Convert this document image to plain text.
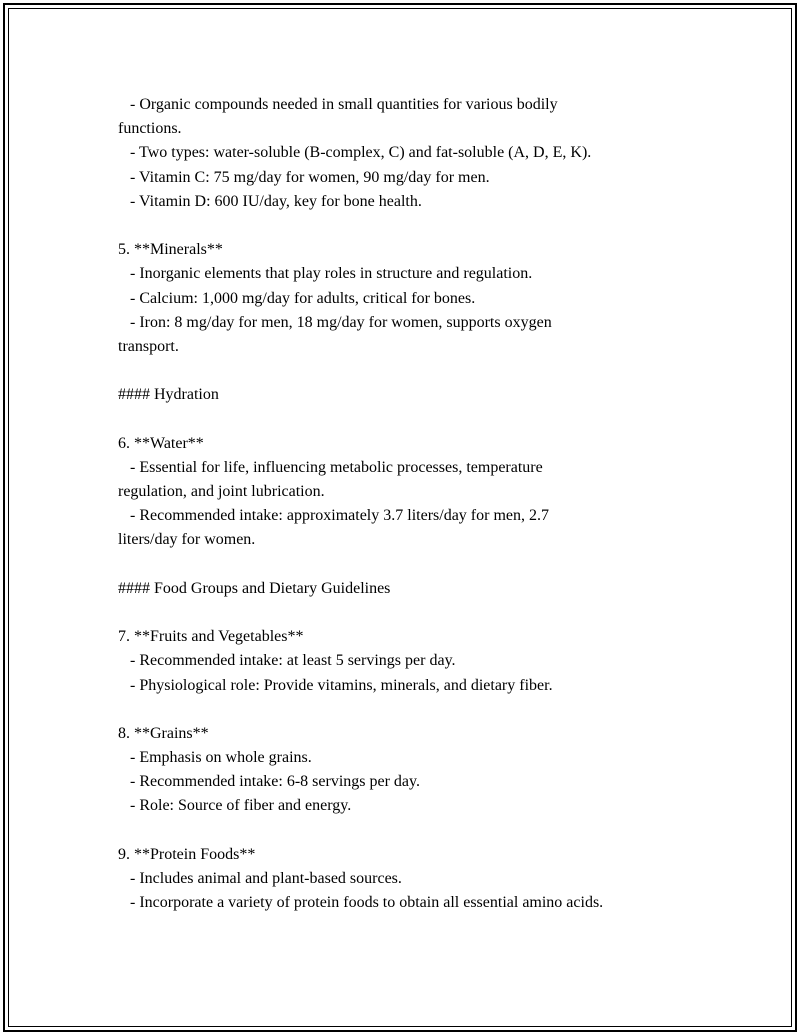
- Organic compounds needed in small quantities for various bodily
functions.
- Two types: water-soluble (B-complex, C) and fat-soluble (A, D, E, K).
- Vitamin C: 75 mg/day for women, 90 mg/day for men.
- Vitamin D: 600 IU/day, key for bone health.
5. **Minerals**
- Inorganic elements that play roles in structure and regulation.
- Calcium: 1,000 mg/day for adults, critical for bones.
- Iron: 8 mg/day for men, 18 mg/day for women, supports oxygen
transport.
#### Hydration
6. **Water**
- Essential for life, influencing metabolic processes, temperature
regulation, and joint lubrication.
- Recommended intake: approximately 3.7 liters/day for men, 2.7
liters/day for women.
#### Food Groups and Dietary Guidelines
7. **Fruits and Vegetables**
- Recommended intake: at least 5 servings per day.
- Physiological role: Provide vitamins, minerals, and dietary fiber.
8. **Grains**
- Emphasis on whole grains.
- Recommended intake: 6-8 servings per day.
- Role: Source of fiber and energy.
9. **Protein Foods**
- Includes animal and plant-based sources.
- Incorporate a variety of protein foods to obtain all essential amino acids.
